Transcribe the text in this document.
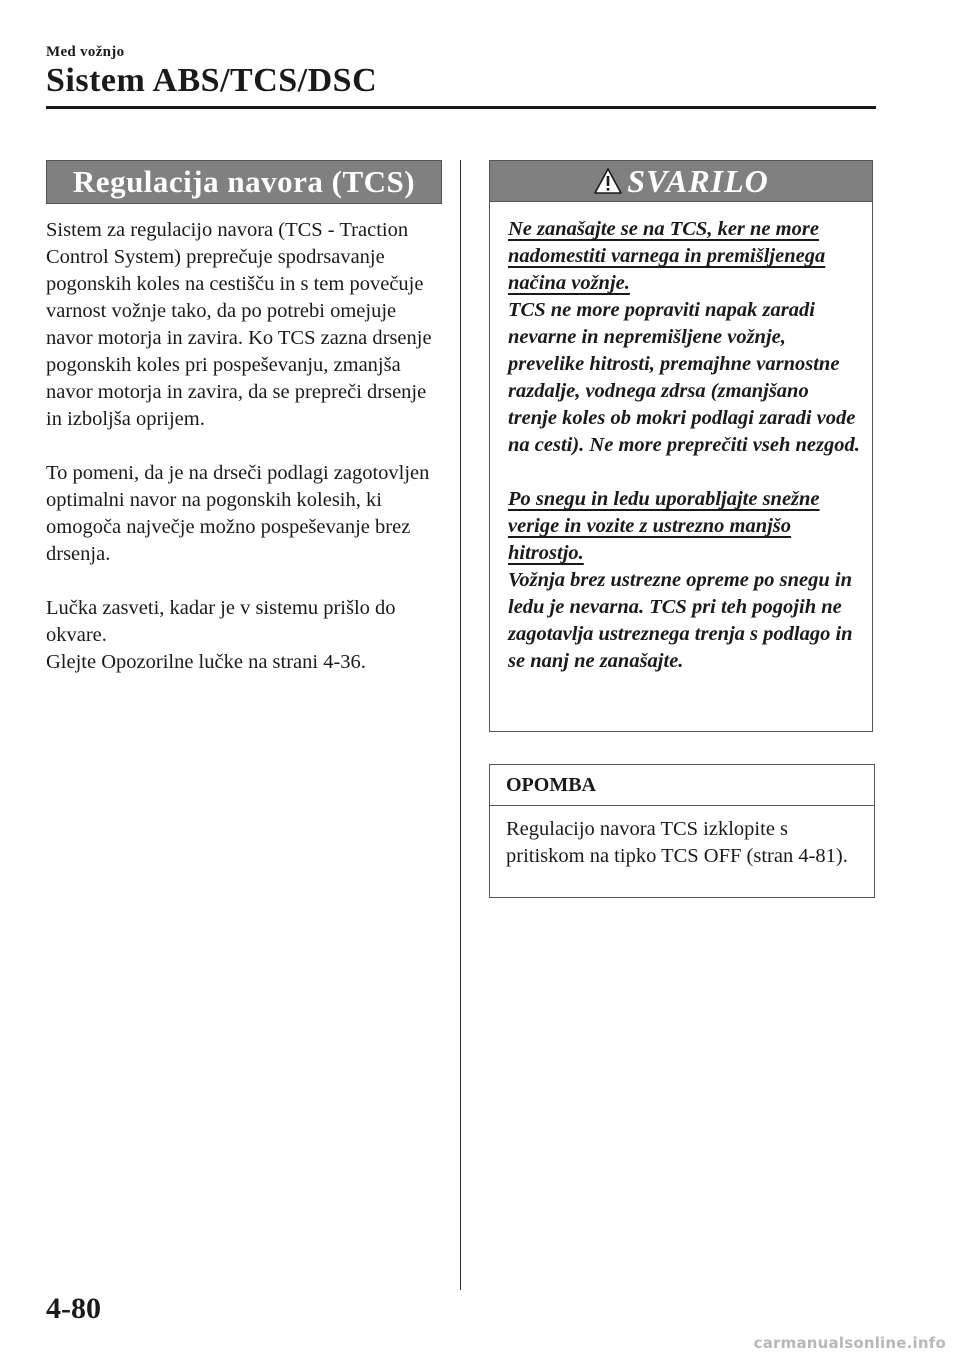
Med vožnjo
Sistem ABS/TCS/DSC
Regulacija navora (TCS)

Sistem za regulacijo navora (TCS - Traction Control System) preprečuje spodrsavanje pogonskih koles na cestišču in s tem povečuje varnost vožnje tako, da po potrebi omejuje navor motorja in zavira. Ko TCS zazna drsenje pogonskih koles pri pospeševanju, zmanjša navor motorja in zavira, da se prepreči drsenje in izboljša oprijem.

To pomeni, da je na drseči podlagi zagotovljen optimalni navor na pogonskih kolesih, ki omogoča največje možno pospeševanje brez drsenja.

Lučka zasveti, kadar je v sistemu prišlo do okvare.

Glejte Opozorilne lučke na strani 4-36.

SVARILO

Ne zanašajte se na TCS, ker ne more nadomestiti varnega in premišljenega načina vožnje.

TCS ne more popraviti napak zaradi nevarne in nepremišljene vožnje, prevelike hitrosti, premajhne varnostne razdalje, vodnega zdrsa (zmanjšano trenje koles ob mokri podlagi zaradi vode na cesti). Ne more preprečiti vseh nezgod.

Po snegu in ledu uporabljajte snežne verige in vozite z ustrezno manjšo hitrostjo.

Vožnja brez ustrezne opreme po snegu in ledu je nevarna. TCS pri teh pogojih ne zagotavlja ustreznega trenja s podlago in se nanj ne zanašajte.

OPOMBA

Regulacijo navora TCS izklopite s pritiskom na tipko TCS OFF (stran 4-81).

4-80
carmanualsonline.info
